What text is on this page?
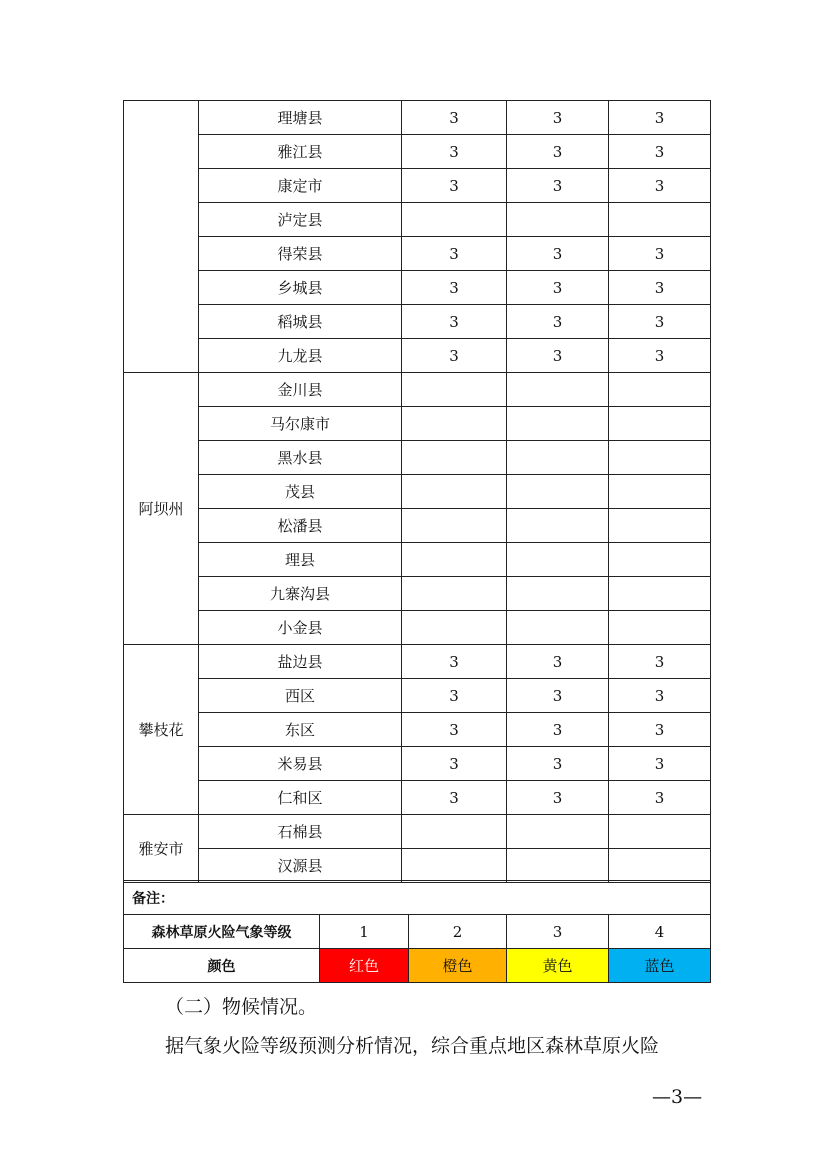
	理塘县	3	3	3
	雅江县	3	3	3
	康定市	3	3	3
	泸定县			
	得荣县	3	3	3
	乡城县	3	3	3
	稻城县	3	3	3
	九龙县	3	3	3
阿坝州	金川县			
	马尔康市			
	黑水县			
	茂县			
	松潘县			
	理县			
	九寨沟县			
	小金县			
攀枝花	盐边县	3	3	3
	西区	3	3	3
	东区	3	3	3
	米易县	3	3	3
	仁和区	3	3	3
雅安市	石棉县			
	汉源县			
备注：				
森林草原火险气象等级	1	2	3	4
颜色	红色	橙色	黄色	蓝色
（二）物候情况。
据气象火险等级预测分析情况，综合重点地区森林草原火险
—3—
